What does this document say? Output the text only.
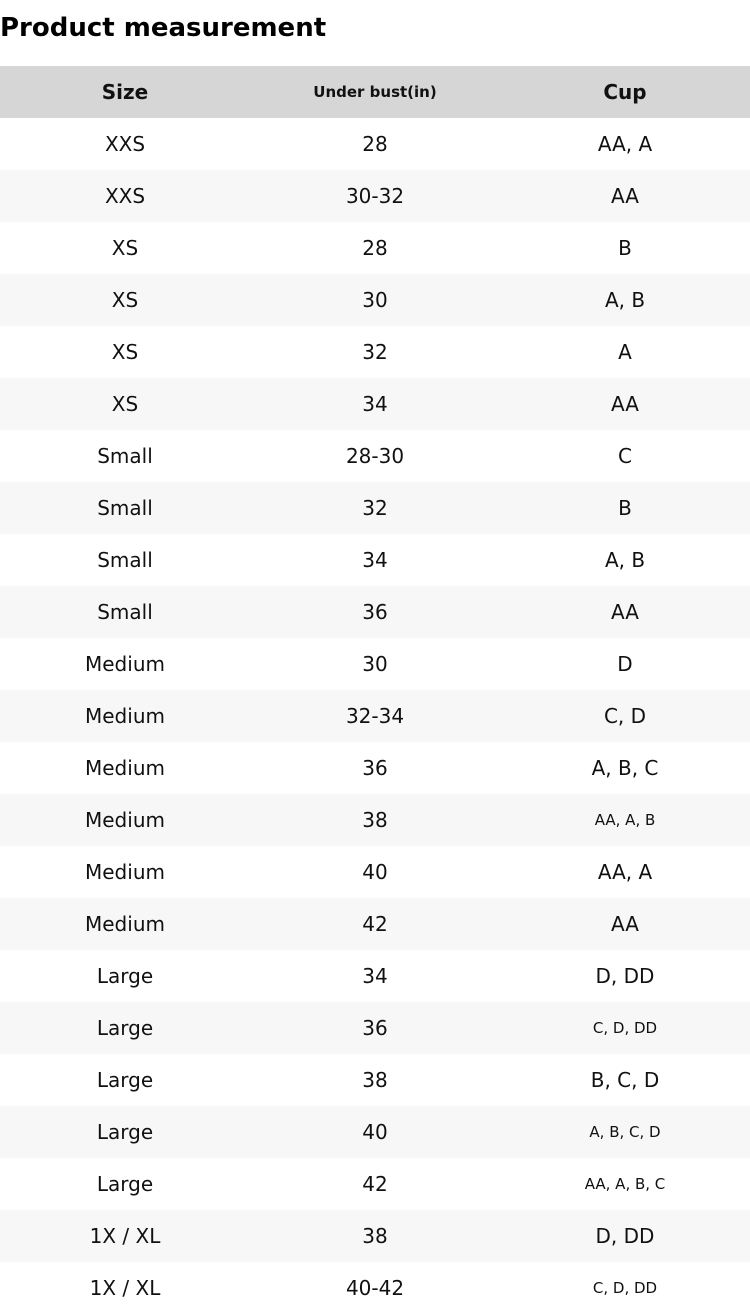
Product measurement
Size	Under bust(in)	Cup
XXS	28	AA, A
XXS	30-32	AA
XS	28	B
XS	30	A, B
XS	32	A
XS	34	AA
Small	28-30	C
Small	32	B
Small	34	A, B
Small	36	AA
Medium	30	D
Medium	32-34	C, D
Medium	36	A, B, C
Medium	38	AA, A, B
Medium	40	AA, A
Medium	42	AA
Large	34	D, DD
Large	36	C, D, DD
Large	38	B, C, D
Large	40	A, B, C, D
Large	42	AA, A, B, C
1X / XL	38	D, DD
1X / XL	40-42	C, D, DD
